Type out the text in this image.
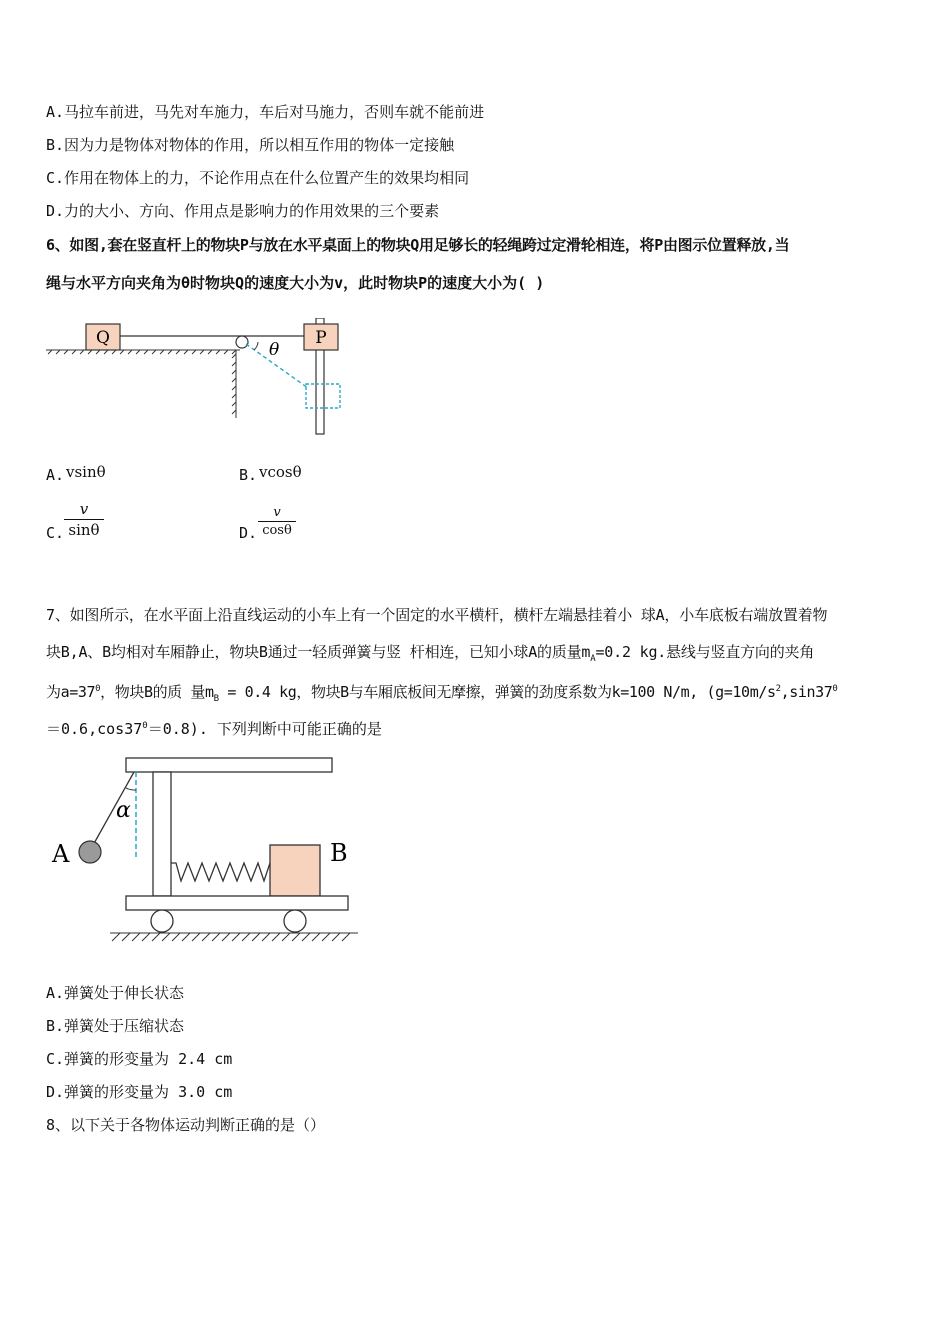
A.马拉车前进，马先对车施力，车后对马施力，否则车就不能前进
B.因为力是物体对物体的作用，所以相互作用的物体一定接触
C.作用在物体上的力，不论作用点在什么位置产生的效果均相同
D.力的大小、方向、作用点是影响力的作用效果的三个要素
6、如图,套在竖直杆上的物块P与放在水平桌面上的物块Q用足够长的轻绳跨过定滑轮相连，将P由图示位置释放,当
绳与水平方向夹角为θ时物块Q的速度大小为v，此时物块P的速度大小为( )
Q	P
θ
A. vsinθ	B. vcosθ
C.
v
sinθ	D.
v
cosθ
7、如图所示，在水平面上沿直线运动的小车上有一个固定的水平横杆，横杆左端悬挂着小 球A，小车底板右端放置着物
块B,A、B均相对车厢静止，物块B通过一轻质弹簧与竖 杆相连，已知小球A的质量$m_A=0.2$ kg.悬线与竖直方向的夹角
为$a=37^0$，物块B的质 量$m_B = 0.4$ kg，物块B与车厢底板间无摩擦，弹簧的劲度系数为k=100 N/m, ($g=10m/s^2,\sin 37^0$
$=0.6,\cos 37^0=0.8$). 下列判断中可能正确的是
α
A	B
A.弹簧处于伸长状态
B.弹簧处于压缩状态
C.弹簧的形变量为 2.4 cm
D.弹簧的形变量为 3.0 cm
8、以下关于各物体运动判断正确的是（）
